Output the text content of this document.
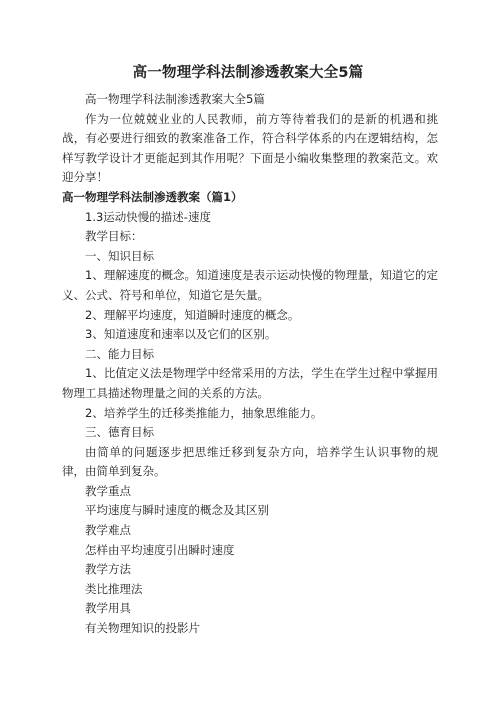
高一物理学科法制渗透教案大全5篇

高一物理学科法制渗透教案大全5篇

作为一位兢兢业业的人民教师，前方等待着我们的是新的机遇和挑战，有必要进行细致的教案准备工作，符合科学体系的内在逻辑结构，怎样写教学设计才更能起到其作用呢？下面是小编收集整理的教案范文。欢迎分享！

高一物理学科法制渗透教案（篇1）

1.3运动快慢的描述-速度

教学目标：

一、知识目标

1、理解速度的概念。知道速度是表示运动快慢的物理量，知道它的定义、公式、符号和单位，知道它是矢量。

2、理解平均速度，知道瞬时速度的概念。

3、知道速度和速率以及它们的区别。

二、能力目标

1、比值定义法是物理学中经常采用的方法，学生在学生过程中掌握用物理工具描述物理量之间的关系的方法。

2、培养学生的迁移类推能力，抽象思维能力。

三、德育目标

由简单的问题逐步把思维迁移到复杂方向，培养学生认识事物的规律，由简单到复杂。

教学重点

平均速度与瞬时速度的概念及其区别

教学难点

怎样由平均速度引出瞬时速度

教学方法

类比推理法

教学用具

有关物理知识的投影片
